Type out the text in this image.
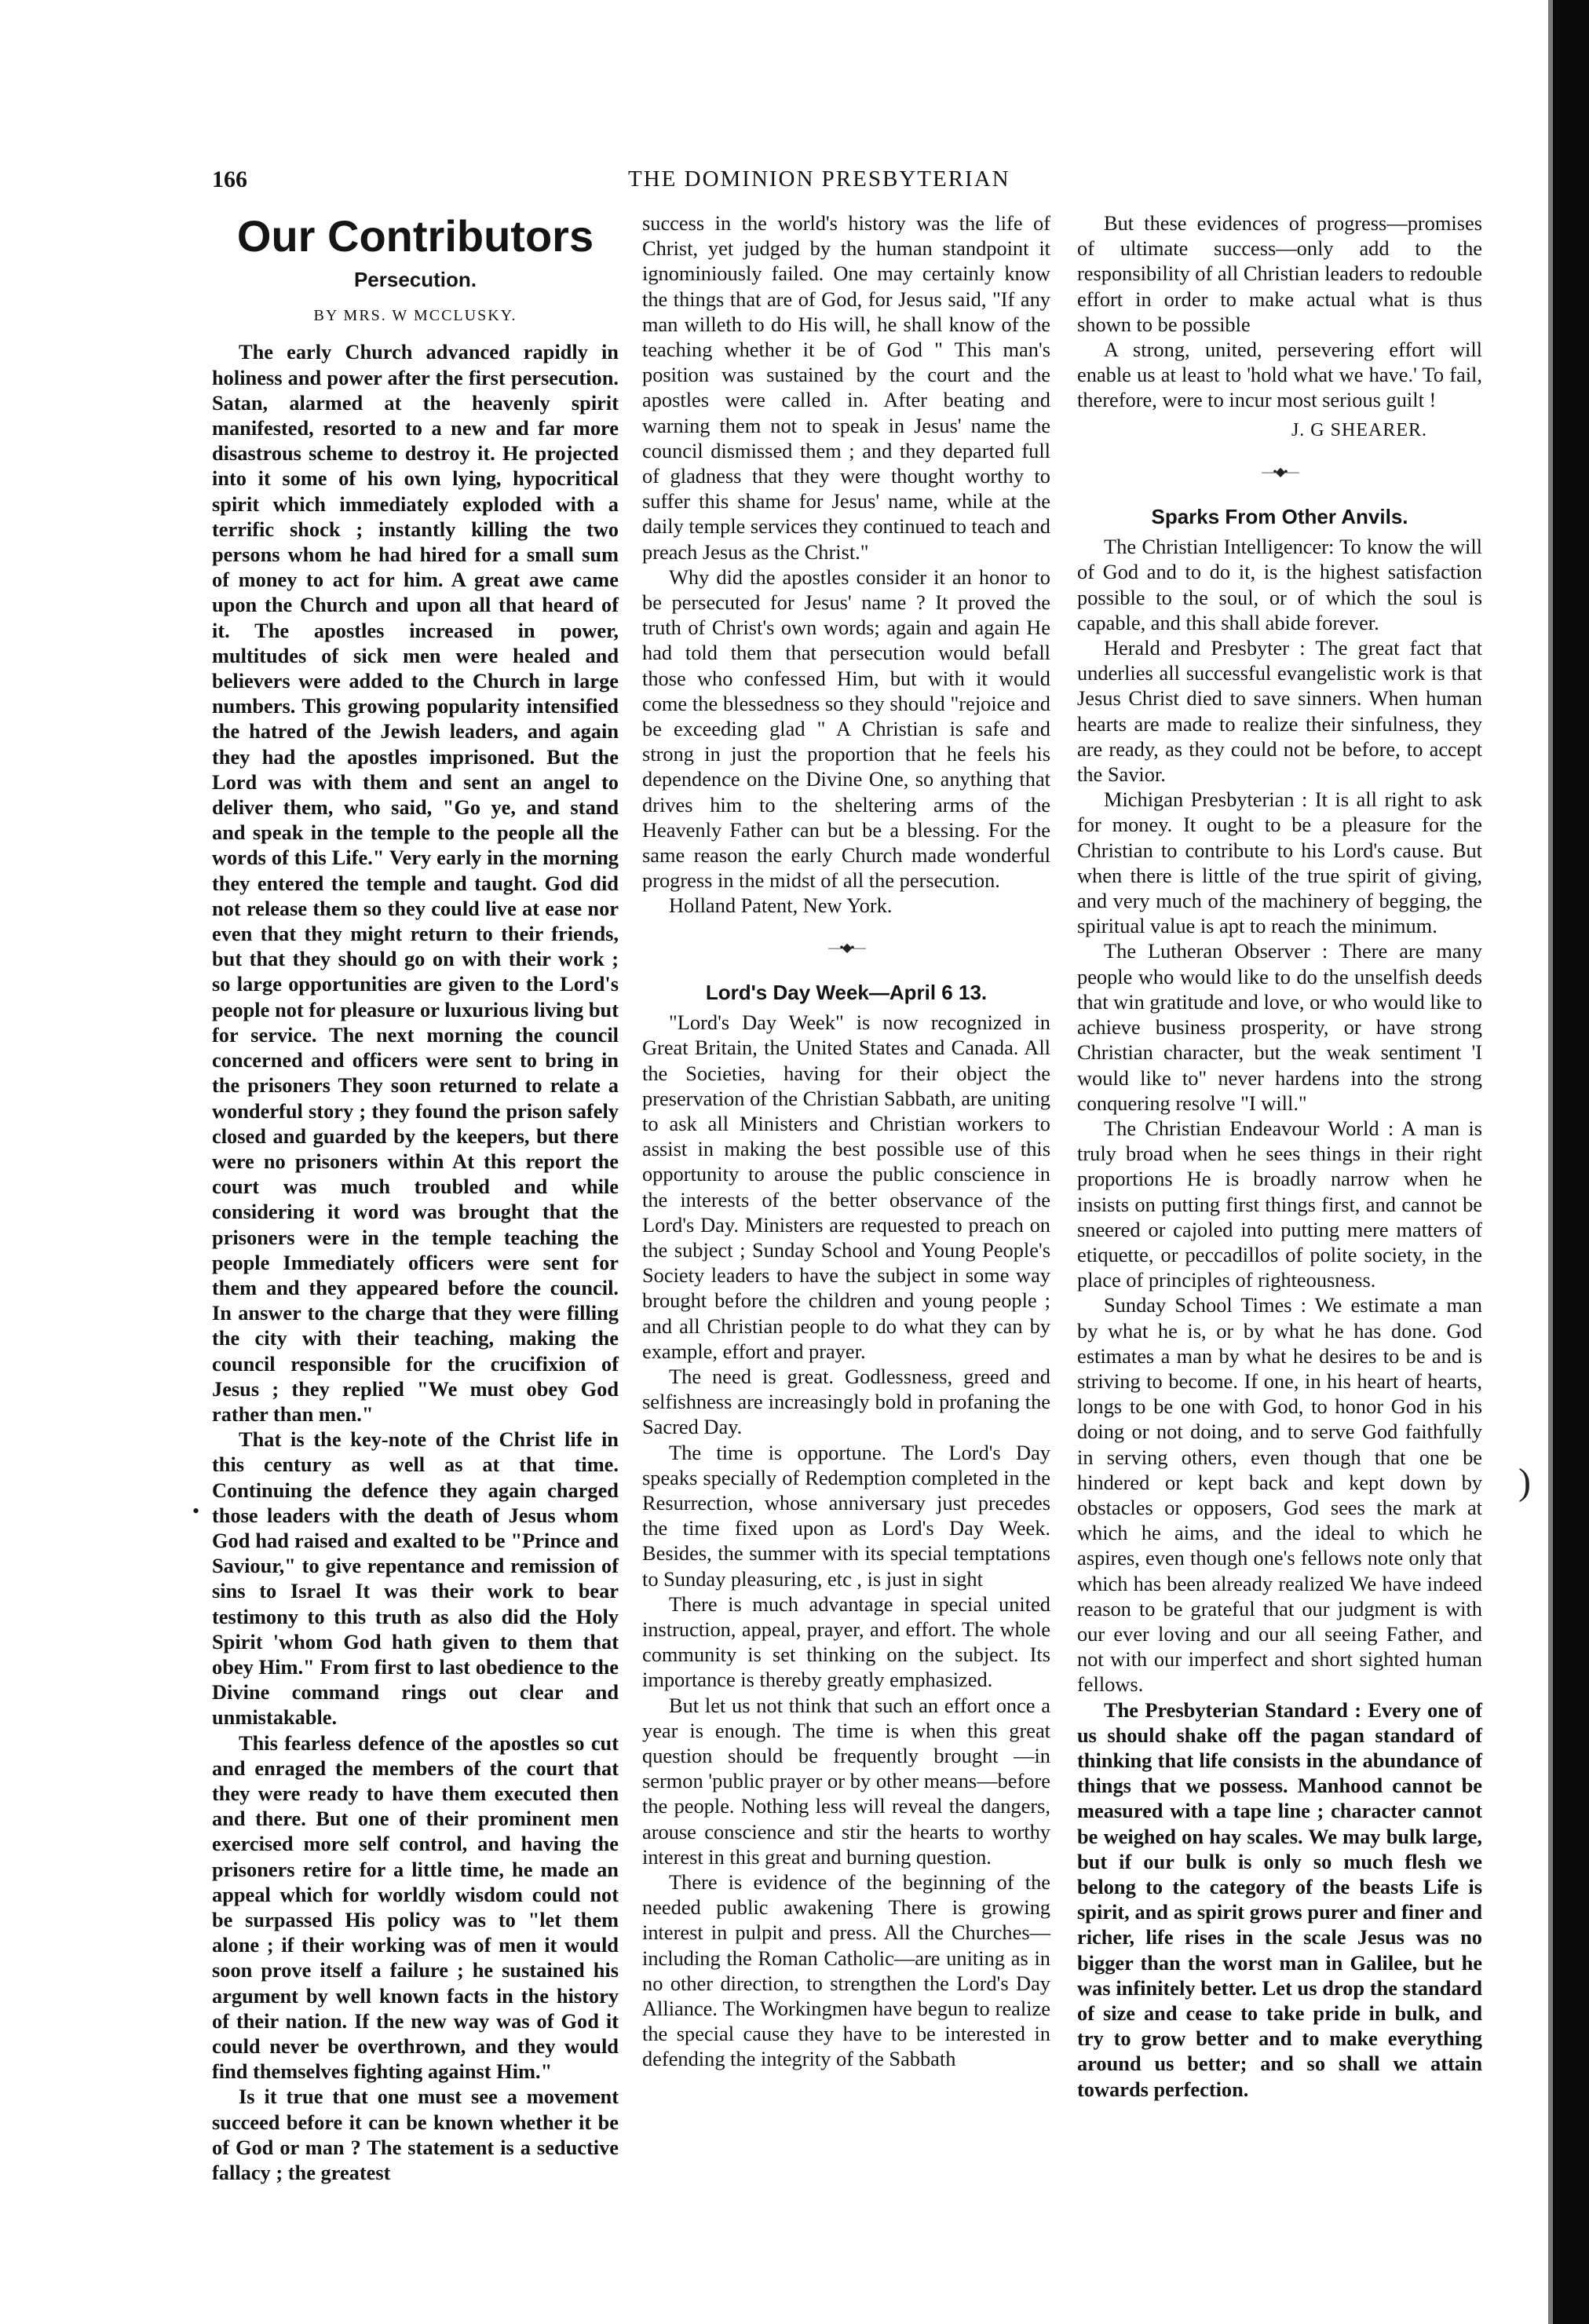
166	THE DOMINION PRESBYTERIAN
•
)
Our Contributors
Persecution.
BY MRS. W MCCLUSKY.

The early Church advanced rapidly in holiness and power after the first persecution. Satan, alarmed at the heavenly spirit manifested, resorted to a new and far more disastrous scheme to destroy it. He projected into it some of his own lying, hypocritical spirit which immediately exploded with a terrific shock ; instantly killing the two persons whom he had hired for a small sum of money to act for him. A great awe came upon the Church and upon all that heard of it. The apostles increased in power, multitudes of sick men were healed and believers were added to the Church in large numbers. This growing popularity intensified the hatred of the Jewish leaders, and again they had the apostles imprisoned. But the Lord was with them and sent an angel to deliver them, who said, "Go ye, and stand and speak in the temple to the people all the words of this Life." Very early in the morning they entered the temple and taught. God did not release them so they could live at ease nor even that they might return to their friends, but that they should go on with their work ; so large opportunities are given to the Lord's people not for pleasure or luxurious living but for service. The next morning the council concerned and officers were sent to bring in the prisoners They soon returned to relate a wonderful story ; they found the prison safely closed and guarded by the keepers, but there were no prisoners within At this report the court was much troubled and while considering it word was brought that the prisoners were in the temple teaching the people Immediately officers were sent for them and they appeared before the council. In answer to the charge that they were filling the city with their teaching, making the council responsible for the crucifixion of Jesus ; they replied "We must obey God rather than men."

That is the key-note of the Christ life in this century as well as at that time. Continuing the defence they again charged those leaders with the death of Jesus whom God had raised and exalted to be "Prince and Saviour," to give repentance and remission of sins to Israel It was their work to bear testimony to this truth as also did the Holy Spirit 'whom God hath given to them that obey Him." From first to last obedience to the Divine command rings out clear and unmistakable.

This fearless defence of the apostles so cut and enraged the members of the court that they were ready to have them executed then and there. But one of their prominent men exercised more self control, and having the prisoners retire for a little time, he made an appeal which for worldly wisdom could not be surpassed His policy was to "let them alone ; if their working was of men it would soon prove itself a failure ; he sustained his argument by well known facts in the history of their nation. If the new way was of God it could never be overthrown, and they would find themselves fighting against Him."

Is it true that one must see a movement succeed before it can be known whether it be of God or man ? The statement is a seductive fallacy ; the greatest

success in the world's history was the life of Christ, yet judged by the human standpoint it ignominiously failed. One may certainly know the things that are of God, for Jesus said, "If any man willeth to do His will, he shall know of the teaching whether it be of God " This man's position was sustained by the court and the apostles were called in. After beating and warning them not to speak in Jesus' name the council dismissed them ; and they departed full of gladness that they were thought worthy to suffer this shame for Jesus' name, while at the daily temple services they continued to teach and preach Jesus as the Christ."

Why did the apostles consider it an honor to be persecuted for Jesus' name ? It proved the truth of Christ's own words; again and again He had told them that persecution would befall those who confessed Him, but with it would come the blessedness so they should "rejoice and be exceeding glad " A Christian is safe and strong in just the proportion that he feels his dependence on the Divine One, so anything that drives him to the sheltering arms of the Heavenly Father can but be a blessing. For the same reason the early Church made wonderful progress in the midst of all the persecution.

Holland Patent, New York.

—•◆•—
Lord's Day Week—April 6 13.

"Lord's Day Week" is now recognized in Great Britain, the United States and Canada. All the Societies, having for their object the preservation of the Christian Sabbath, are uniting to ask all Ministers and Christian workers to assist in making the best possible use of this opportunity to arouse the public conscience in the interests of the better observance of the Lord's Day. Ministers are requested to preach on the subject ; Sunday School and Young People's Society leaders to have the subject in some way brought before the children and young people ; and all Christian people to do what they can by example, effort and prayer.

The need is great. Godlessness, greed and selfishness are increasingly bold in profaning the Sacred Day.

The time is opportune. The Lord's Day speaks specially of Redemption completed in the Resurrection, whose anniversary just precedes the time fixed upon as Lord's Day Week. Besides, the summer with its special temptations to Sunday pleasuring, etc , is just in sight

There is much advantage in special united instruction, appeal, prayer, and effort. The whole community is set thinking on the subject. Its importance is thereby greatly emphasized.

But let us not think that such an effort once a year is enough. The time is when this great question should be frequently brought —in sermon 'public prayer or by other means—before the people. Nothing less will reveal the dangers, arouse conscience and stir the hearts to worthy interest in this great and burning question.

There is evidence of the beginning of the needed public awakening There is growing interest in pulpit and press. All the Churches—including the Roman Catholic—are uniting as in no other direction, to strengthen the Lord's Day Alliance. The Workingmen have begun to realize the special cause they have to be interested in defending the integrity of the Sabbath

But these evidences of progress—promises of ultimate success—only add to the responsibility of all Christian leaders to redouble effort in order to make actual what is thus shown to be possible

A strong, united, persevering effort will enable us at least to 'hold what we have.' To fail, therefore, were to incur most serious guilt !

J. G SHEARER.
—•◆•—
Sparks From Other Anvils.

The Christian Intelligencer: To know the will of God and to do it, is the highest satisfaction possible to the soul, or of which the soul is capable, and this shall abide forever.

Herald and Presbyter : The great fact that underlies all successful evangelistic work is that Jesus Christ died to save sinners. When human hearts are made to realize their sinfulness, they are ready, as they could not be before, to accept the Savior.

Michigan Presbyterian : It is all right to ask for money. It ought to be a pleasure for the Christian to contribute to his Lord's cause. But when there is little of the true spirit of giving, and very much of the machinery of begging, the spiritual value is apt to reach the minimum.

The Lutheran Observer : There are many people who would like to do the unselfish deeds that win gratitude and love, or who would like to achieve business prosperity, or have strong Christian character, but the weak sentiment 'I would like to" never hardens into the strong conquering resolve "I will."

The Christian Endeavour World : A man is truly broad when he sees things in their right proportions He is broadly narrow when he insists on putting first things first, and cannot be sneered or cajoled into putting mere matters of etiquette, or peccadillos of polite society, in the place of principles of righteousness.

Sunday School Times : We estimate a man by what he is, or by what he has done. God estimates a man by what he desires to be and is striving to become. If one, in his heart of hearts, longs to be one with God, to honor God in his doing or not doing, and to serve God faithfully in serving others, even though that one be hindered or kept back and kept down by obstacles or opposers, God sees the mark at which he aims, and the ideal to which he aspires, even though one's fellows note only that which has been already realized We have indeed reason to be grateful that our judgment is with our ever loving and our all seeing Father, and not with our imperfect and short sighted human fellows.

The Presbyterian Standard : Every one of us should shake off the pagan standard of thinking that life consists in the abundance of things that we possess. Manhood cannot be measured with a tape line ; character cannot be weighed on hay scales. We may bulk large, but if our bulk is only so much flesh we belong to the category of the beasts Life is spirit, and as spirit grows purer and finer and richer, life rises in the scale Jesus was no bigger than the worst man in Galilee, but he was infinitely better. Let us drop the standard of size and cease to take pride in bulk, and try to grow better and to make everything around us better; and so shall we attain towards perfection.
